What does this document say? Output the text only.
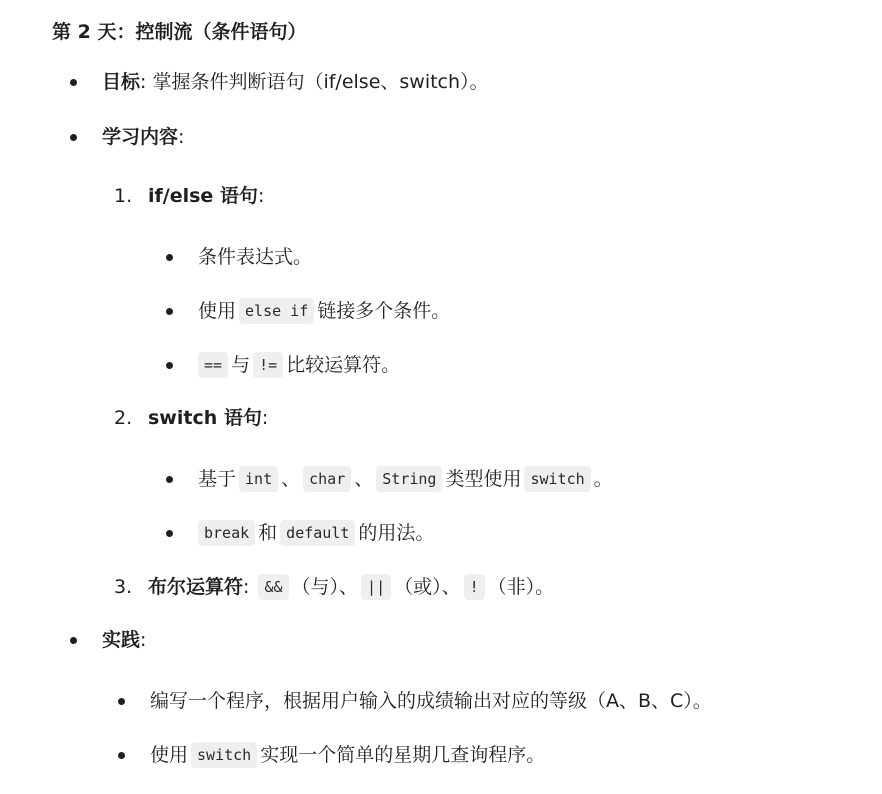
第 2 天：控制流（条件语句）
目标 :
掌握条件判断语句（if/else、switch）。
学习内容 :
1. if/else 语句 :
条件表达式。
使用 else if 链接多个条件。
== 与 != 比较运算符。
2. switch 语句 :
基于 int 、 char 、 String 类型使用 switch 。
break 和 default 的用法。
3. 布尔运算符 :
	&& （与）、 || （或）、 ! （非）。
实践 :
编写一个程序，根据用户输入的成绩输出对应的等级（A、B、C）。
使用 switch 实现一个简单的星期几查询程序。
